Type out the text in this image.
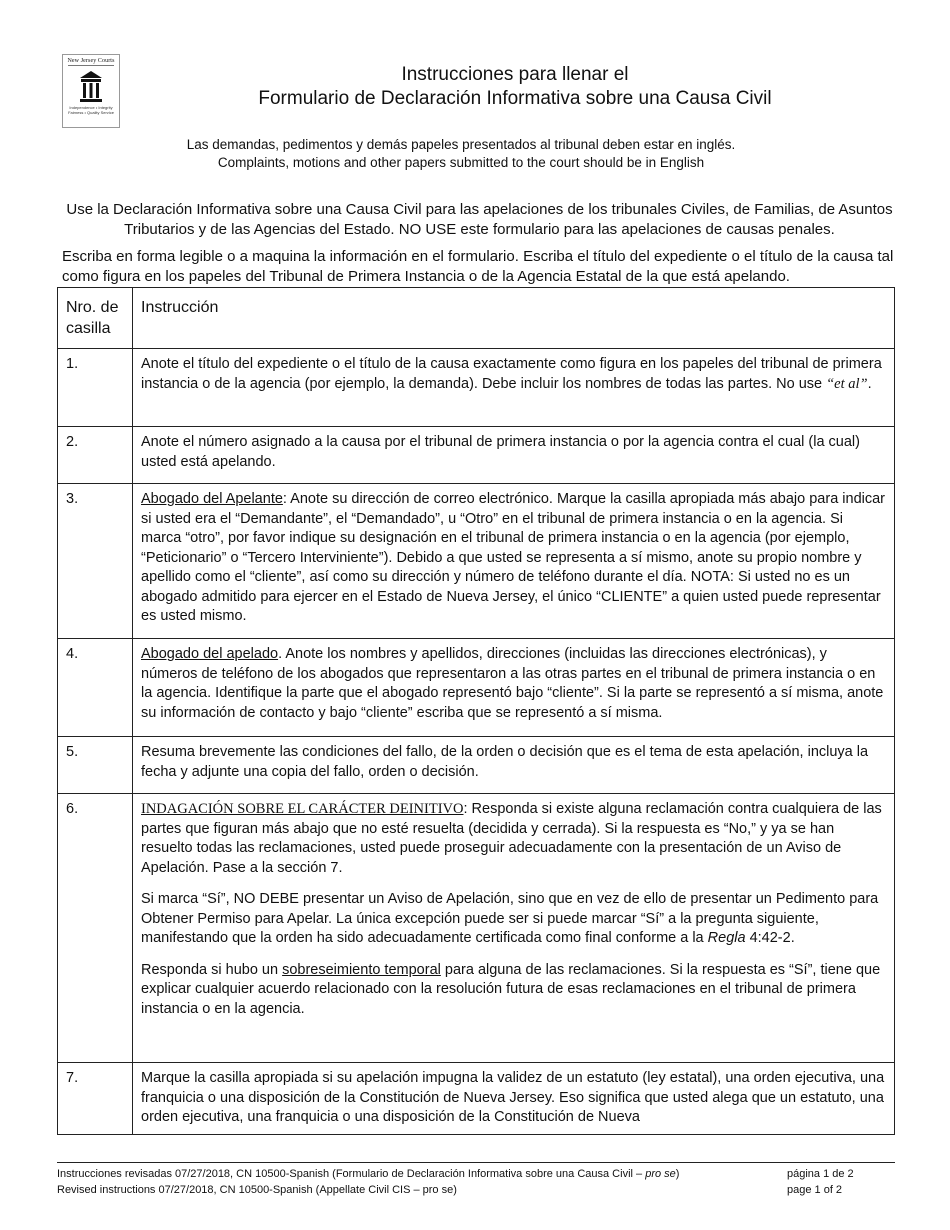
New Jersey Courts
Independence • Integrity Fairness • Quality Service
Instrucciones para llenar el
Formulario de Declaración Informativa sobre una Causa Civil
Las demandas, pedimentos y demás papeles presentados al tribunal deben estar en inglés.
Complaints, motions and other papers submitted to the court should be in English
Use la Declaración Informativa sobre una Causa Civil para las apelaciones de los tribunales Civiles, de Familias, de Asuntos Tributarios y de las Agencias del Estado. NO USE este formulario para las apelaciones de causas penales.
Escriba en forma legible o a maquina la información en el formulario. Escriba el título del expediente o el título de la causa tal como figura en los papeles del Tribunal de Primera Instancia o de la Agencia Estatal de la que está apelando.
Nro. de casilla	Instrucción
1.	Anote el título del expediente o el título de la causa exactamente como figura en los papeles del tribunal de primera instancia o de la agencia (por ejemplo, la demanda). Debe incluir los nombres de todas las partes. No use “et al”.
2.	Anote el número asignado a la causa por el tribunal de primera instancia o por la agencia contra el cual (la cual) usted está apelando.
3.	Abogado del Apelante: Anote su dirección de correo electrónico. Marque la casilla apropiada más abajo para indicar si usted era el “Demandante”, el “Demandado”, u “Otro” en el tribunal de primera instancia o en la agencia. Si marca “otro”, por favor indique su designación en el tribunal de primera instancia o en la agencia (por ejemplo, “Peticionario” o “Tercero Interviniente”). Debido a que usted se representa a sí mismo, anote su propio nombre y apellido como el “cliente”, así como su dirección y número de teléfono durante el día. NOTA: Si usted no es un abogado admitido para ejercer en el Estado de Nueva Jersey, el único “CLIENTE” a quien usted puede representar es usted mismo.
4.	Abogado del apelado. Anote los nombres y apellidos, direcciones (incluidas las direcciones electrónicas), y números de teléfono de los abogados que representaron a las otras partes en el tribunal de primera instancia o en la agencia. Identifique la parte que el abogado representó bajo “cliente”. Si la parte se representó a sí misma, anote su información de contacto y bajo “cliente” escriba que se representó a sí misma.
5.	Resuma brevemente las condiciones del fallo, de la orden o decisión que es el tema de esta apelación, incluya la fecha y adjunte una copia del fallo, orden o decisión.
6.	INDAGACIÓN SOBRE EL CARÁCTER DEINITIVO: Responda si existe alguna reclamación contra cualquiera de las partes que figuran más abajo que no esté resuelta (decidida y cerrada). Si la respuesta es “No,” y ya se han resuelto todas las reclamaciones, usted puede proseguir adecuadamente con la presentación de un Aviso de Apelación. Pase a la sección 7.
Si marca “Sí”, NO DEBE presentar un Aviso de Apelación, sino que en vez de ello de presentar un Pedimento para Obtener Permiso para Apelar. La única excepción puede ser si puede marcar “Sí” a la pregunta siguiente, manifestando que la orden ha sido adecuadamente certificada como final conforme a la Regla 4:42-2.
Responda si hubo un sobreseimiento temporal para alguna de las reclamaciones. Si la respuesta es “Sí”, tiene que explicar cualquier acuerdo relacionado con la resolución futura de esas reclamaciones en el tribunal de primera instancia o en la agencia.

7.	Marque la casilla apropiada si su apelación impugna la validez de un estatuto (ley estatal), una orden ejecutiva, una franquicia o una disposición de la Constitución de Nueva Jersey. Eso significa que usted alega que un estatuto, una orden ejecutiva, una franquicia o una disposición de la Constitución de Nueva
Instrucciones revisadas 07/27/2018, CN 10500-Spanish (Formulario de Declaración Informativa sobre una Causa Civil – pro se)	página 1 de 2
Revised instructions 07/27/2018, CN 10500-Spanish (Appellate Civil CIS – pro se)	page 1 of 2
